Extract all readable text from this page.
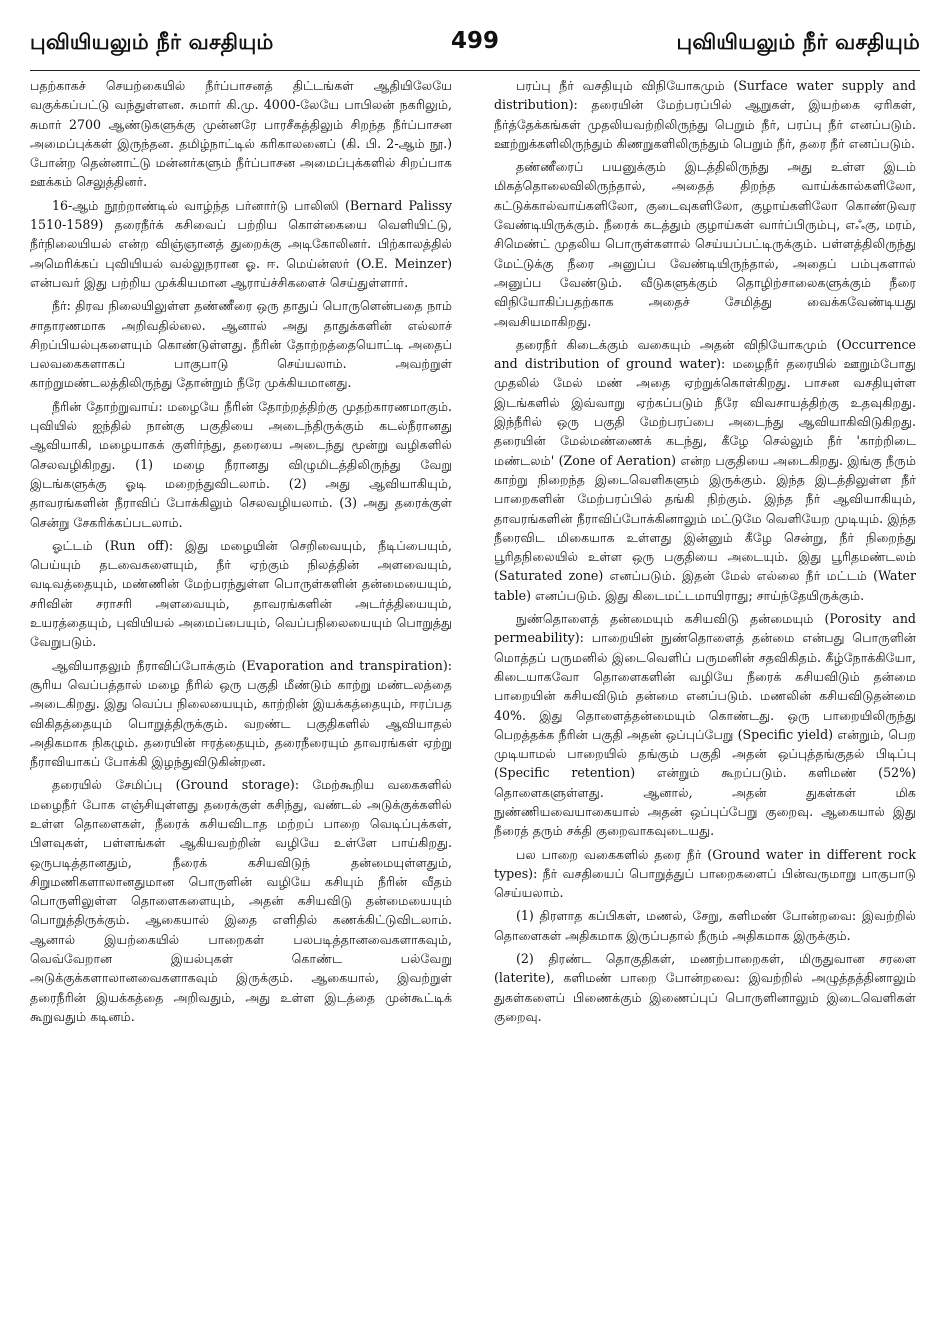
புவியியலும் நீர் வசதியும்	499	புவியியலும் நீர் வசதியும்

பதற்காகச் செயற்கையில் நீர்ப்பாசனத் திட்டங்கள் ஆதியிலேயே வகுக்கப்பட்டு வந்துள்ளன. சுமார் கி.மு. 4000-லேயே பாபிலன் நகரிலும், சுமார் 2700 ஆண்டுகளுக்கு முன்னரே பாரசீகத்திலும் சிறந்த நீர்ப்பாசன அமைப்புக்கள் இருந்தன. தமிழ்நாட்டில் கரிகாலனைப் (கி. பி. 2-ஆம் நூ.) போன்ற தென்னாட்டு மன்னர்களும் நீர்ப்பாசன அமைப்புக்களில் சிறப்பாக ஊக்கம் செலுத்தினர்.

16-ஆம் நூற்றாண்டில் வாழ்ந்த பர்னார்டு பாலிஸி (Bernard Palissy 1510-1589) தரைநீர்க் கசிவைப் பற்றிய கொள்கையை வெளியிட்டு, நீர்நிலையியல் என்ற விஞ்ஞானத் துறைக்கு அடிகோலினர். பிற்காலத்தில் அமெரிக்கப் புவியியல் வல்லுநரான ஓ. ஈ. மெய்ன்ஸர் (O.E. Meinzer) என்பவர் இது பற்றிய முக்கியமான ஆராய்ச்சிகளைச் செய்துள்ளார்.

நீர்: திரவ நிலையிலுள்ள தண்ணீரை ஒரு தாதுப் பொருளென்பதை நாம் சாதாரணமாக அறிவதில்லை. ஆனால் அது தாதுக்களின் எல்லாச் சிறப்பியல்புகளையும் கொண்டுள்ளது. நீரின் தோற்றத்தையொட்டி அதைப் பலவகைகளாகப் பாகுபாடு செய்யலாம். அவற்றுள் காற்றுமண்டலத்திலிருந்து தோன்றும் நீரே முக்கியமானது.

நீரின் தோற்றுவாய்: மழையே நீரின் தோற்றத்திற்கு முதற்காரணமாகும். புவியில் ஐந்தில் நான்கு பகுதியை அடைந்திருக்கும் கடல்நீரானது ஆவியாகி, மழையாகக் குளிர்ந்து, தரையை அடைந்து மூன்று வழிகளில் செலவழிகிறது. (1) மழை நீரானது விழுமிடத்திலிருந்து வேறு இடங்களுக்கு ஓடி மறைந்துவிடலாம். (2) அது ஆவியாகியும், தாவரங்களின் நீராவிப் போக்கிலும் செலவழியலாம். (3) அது தரைக்குள் சென்று சேகரிக்கப்படலாம்.

ஓட்டம் (Run off): இது மழையின் செறிவையும், நீடிப்பையும், பெய்யும் தடவைகளையும், நீர் ஏற்கும் நிலத்தின் அளவையும், வடிவத்தையும், மண்ணின் மேற்பரந்துள்ள பொருள்களின் தன்மையையும், சரிவின் சராசரி அளவையும், தாவரங்களின் அடர்த்தியையும், உயரத்தையும், புவியியல் அமைப்பையும், வெப்பநிலையையும் பொறுத்து வேறுபடும்.

ஆவியாதலும் நீராவிப்போக்கும் (Evaporation and transpiration): சூரிய வெப்பத்தால் மழை நீரில் ஒரு பகுதி மீண்டும் காற்று மண்டலத்தை அடைகிறது. இது வெப்ப நிலையையும், காற்றின் இயக்கத்தையும், ஈரப்பத விகிதத்தையும் பொறுத்திருக்கும். வறண்ட பகுதிகளில் ஆவியாதல் அதிகமாக நிகழும். தரையின் ஈரத்தையும், தரைநீரையும் தாவரங்கள் ஏற்று நீராவியாகப் போக்கி இழந்துவிடுகின்றன.

தரையில் சேமிப்பு (Ground storage): மேற்கூறிய வகைகளில் மழைநீர் போக எஞ்சியுள்ளது தரைக்குள் கசிந்து, வண்டல் அடுக்குக்களில் உள்ள தொளைகள், நீரைக் கசியவிடாத மற்றப் பாறை வெடிப்புக்கள், பிளவுகள், பள்ளங்கள் ஆகியவற்றின் வழியே உள்ளே பாய்கிறது. ஒருபடித்தானதும், நீரைக் கசியவிடுந் தன்மையுள்ளதும், சிறுமணிகளாலானதுமான பொருளின் வழியே கசியும் நீரின் வீதம் பொருளிலுள்ள தொளைகளையும், அதன் கசியவிடு தன்மையையும் பொறுத்திருக்கும். ஆகையால் இதை எளிதில் கணக்கிட்டுவிடலாம். ஆனால் இயற்கையில் பாறைகள் பலபடித்தானவைகளாகவும், வெவ்வேறான இயல்புகள் கொண்ட பல்வேறு அடுக்குக்களாலானவைகளாகவும் இருக்கும். ஆகையால், இவற்றுள் தரைநீரின் இயக்கத்தை அறிவதும், அது உள்ள இடத்தை முன்கூட்டிக் கூறுவதும் கடினம்.

பரப்பு நீர் வசதியும் விநியோகமும் (Surface water supply and distribution): தரையின் மேற்பரப்பில் ஆறுகள், இயற்கை ஏரிகள், நீர்த்தேக்கங்கள் முதலியவற்றிலிருந்து பெறும் நீர், பரப்பு நீர் எனப்படும். ஊற்றுக்களிலிருந்தும் கிணறுகளிலிருந்தும் பெறும் நீர், தரை நீர் எனப்படும்.

தண்ணீரைப் பயனுக்கும் இடத்திலிருந்து அது உள்ள இடம் மிகத்தொலைவிலிருந்தால், அதைத் திறந்த வாய்க்கால்களிலோ, கட்டுக்கால்வாய்களிலோ, குடைவுகளிலோ, குழாய்களிலோ கொண்டுவர வேண்டியிருக்கும். நீரைக் கடத்தும் குழாய்கள் வார்ப்பிரும்பு, எஃகு, மரம், சிமெண்ட் முதலிய பொருள்களால் செய்யப்பட்டிருக்கும். பள்ளத்திலிருந்து மேட்டுக்கு நீரை அனுப்ப வேண்டியிருந்தால், அதைப் பம்புகளால் அனுப்ப வேண்டும். வீடுகளுக்கும் தொழிற்சாலைகளுக்கும் நீரை விநியோகிப்பதற்காக அதைச் சேமித்து வைக்கவேண்டியது அவசியமாகிறது.

தரைநீர் கிடைக்கும் வகையும் அதன் விநியோகமும் (Occurrence and distribution of ground water): மழைநீர் தரையில் ஊறும்போது முதலில் மேல் மண் அதை ஏற்றுக்கொள்கிறது. பாசன வசதியுள்ள இடங்களில் இவ்வாறு ஏற்கப்படும் நீரே விவசாயத்திற்கு உதவுகிறது. இந்நீரில் ஒரு பகுதி மேற்பரப்பை அடைந்து ஆவியாகிவிடுகிறது. தரையின் மேல்மண்ணைக் கடந்து, கீழே செல்லும் நீர் 'காற்றிடை மண்டலம்' (Zone of Aeration) என்ற பகுதியை அடைகிறது. இங்கு நீரும் காற்று நிறைந்த இடைவெளிகளும் இருக்கும். இந்த இடத்திலுள்ள நீர் பாறைகளின் மேற்பரப்பில் தங்கி நிற்கும். இந்த நீர் ஆவியாகியும், தாவரங்களின் நீராவிப்போக்கினாலும் மட்டுமே வெளியேற முடியும். இந்த நீரைவிட மிகையாக உள்ளது இன்னும் கீழே சென்று, நீர் நிறைந்து பூரிதநிலையில் உள்ள ஒரு பகுதியை அடையும். இது பூரிதமண்டலம் (Saturated zone) எனப்படும். இதன் மேல் எல்லை நீர் மட்டம் (Water table) எனப்படும். இது கிடைமட்டமாயிராது; சாய்ந்தேயிருக்கும்.

நுண்தொளைத் தன்மையும் கசியவிடு தன்மையும் (Porosity and permeability): பாறையின் நுண்தொளைத் தன்மை என்பது பொருளின் மொத்தப் பருமனில் இடைவெளிப் பருமனின் சதவிகிதம். கீழ்நோக்கியோ, கிடையாகவோ தொளைகளின் வழியே நீரைக் கசியவிடும் தன்மை பாறையின் கசியவிடும் தன்மை எனப்படும். மணலின் கசியவிடுதன்மை 40%. இது தொளைத்தன்மையும் கொண்டது. ஒரு பாறையிலிருந்து பெறத்தக்க நீரின் பகுதி அதன் ஒப்புப்பேறு (Specific yield) என்றும், பெற முடியாமல் பாறையில் தங்கும் பகுதி அதன் ஒப்புத்தங்குதல் பிடிப்பு (Specific retention) என்றும் கூறப்படும். களிமண் (52%) தொளைகளுள்ளது. ஆனால், அதன் துகள்கள் மிக நுண்ணியவையாகையால் அதன் ஒப்புப்பேறு குறைவு. ஆகையால் இது நீரைத் தரும் சக்தி குறைவாகவுடையது.

பல பாறை வகைகளில் தரை நீர் (Ground water in different rock types): நீர் வசதியைப் பொறுத்துப் பாறைகளைப் பின்வருமாறு பாகுபாடு செய்யலாம்.

(1) திரளாத கப்பிகள், மணல், சேறு, களிமண் போன்றவை: இவற்றில் தொளைகள் அதிகமாக இருப்பதால் நீரும் அதிகமாக இருக்கும்.

(2) திரண்ட தொகுதிகள், மணற்பாறைகள், மிருதுவான சரளை (laterite), களிமண் பாறை போன்றவை: இவற்றில் அழுத்தத்தினாலும் துகள்களைப் பிணைக்கும் இணைப்புப் பொருளினாலும் இடைவெளிகள் குறைவு.
